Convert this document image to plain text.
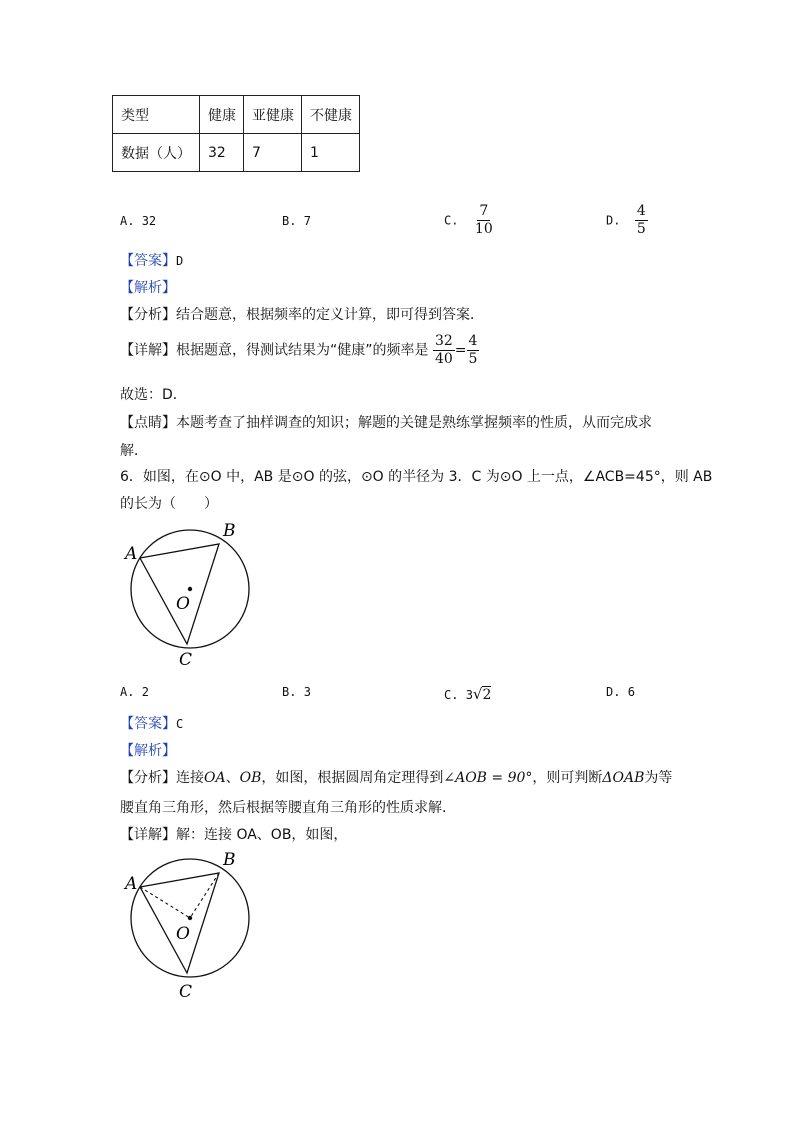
类型	健康	亚健康	不健康
数据（人）	32	7	1
A. 32	B. 7	C. $\frac{7}{10}$	D. $\frac{4}{5}$
【答案】D
【解析】
【分析】结合题意，根据频率的定义计算，即可得到答案．
【详解】根据题意，得测试结果为“健康”的频率是 $\frac{32}{40} = \frac{4}{5}$
故选：D．
【点睛】本题考查了抽样调查的知识；解题的关键是熟练掌握频率的性质，从而完成求
解．
6．如图，在⊙O 中，AB 是⊙O 的弦，⊙O 的半径为 3．C 为⊙O 上一点，∠ACB=45°，则 AB
的长为（　　）
A
B
C
O
A. 2	B. 3	C. 3√2	D. 6
【答案】C
【解析】
【分析】连接OA、OB，如图，根据圆周角定理得到∠AOB = 90°，则可判断ΔOAB为等
腰直角三角形，然后根据等腰直角三角形的性质求解．
【详解】解：连接 OA、OB，如图，
A
B
C
O
